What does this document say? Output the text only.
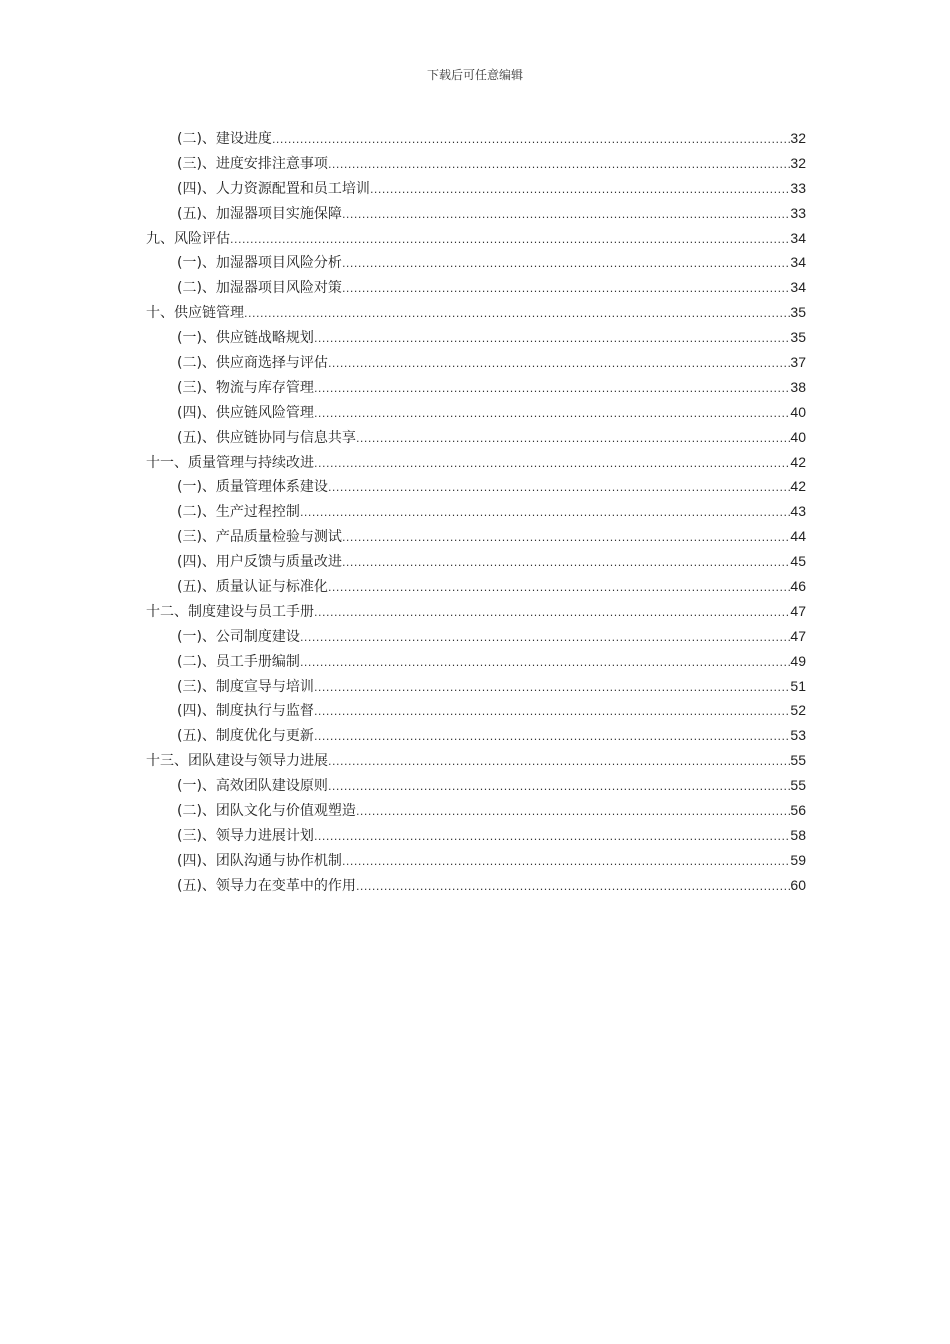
下载后可任意编辑
(二)、建设进度 .....	32
(三)、进度安排注意事项 .....	32
(四)、人力资源配置和员工培训 .....	33
(五)、加湿器项目实施保障 .....	33
九、风险评估 .....	34
(一)、加湿器项目风险分析 .....	34
(二)、加湿器项目风险对策 .....	34
十、供应链管理 .....	35
(一)、供应链战略规划 .....	35
(二)、供应商选择与评估 .....	37
(三)、物流与库存管理 .....	38
(四)、供应链风险管理 .....	40
(五)、供应链协同与信息共享 .....	40
十一、质量管理与持续改进 .....	42
(一)、质量管理体系建设 .....	42
(二)、生产过程控制 .....	43
(三)、产品质量检验与测试 .....	44
(四)、用户反馈与质量改进 .....	45
(五)、质量认证与标准化 .....	46
十二、制度建设与员工手册 .....	47
(一)、公司制度建设 .....	47
(二)、员工手册编制 .....	49
(三)、制度宣导与培训 .....	51
(四)、制度执行与监督 .....	52
(五)、制度优化与更新 .....	53
十三、团队建设与领导力进展 .....	55
(一)、高效团队建设原则 .....	55
(二)、团队文化与价值观塑造 .....	56
(三)、领导力进展计划 .....	58
(四)、团队沟通与协作机制 .....	59
(五)、领导力在变革中的作用 .....	60
